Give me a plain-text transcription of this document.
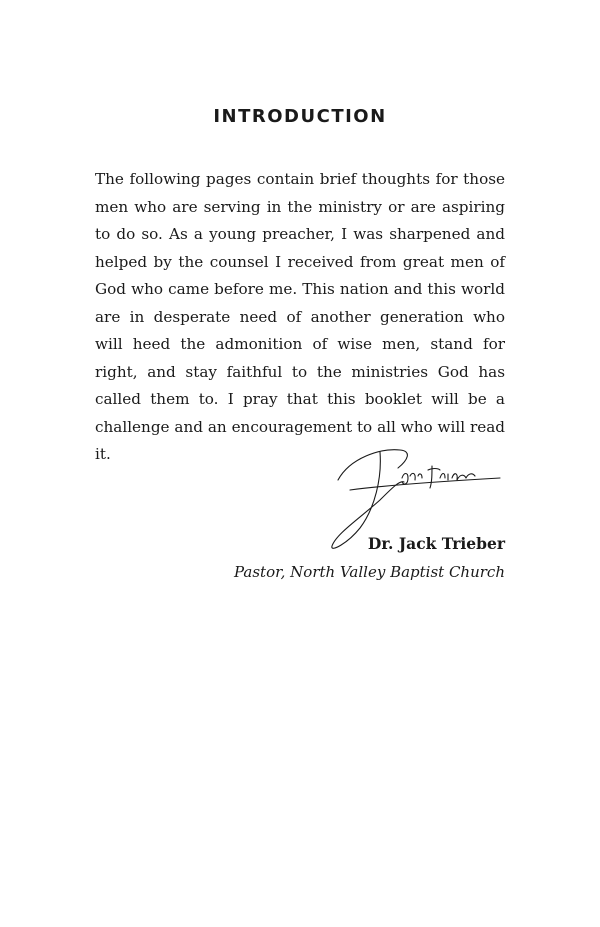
INTRODUCTION

The following pages contain brief thoughts for those men who are serving in the ministry or are aspiring to do so. As a young preacher, I was sharpened and helped by the counsel I received from great men of God who came before me. This nation and this world are in desperate need of another generation who will heed the admonition of wise men, stand for right, and stay faithful to the ministries God has called them to. I pray that this booklet will be a challenge and an encouragement to all who will read it.

Dr. Jack Trieber
Pastor, North Valley Baptist Church
